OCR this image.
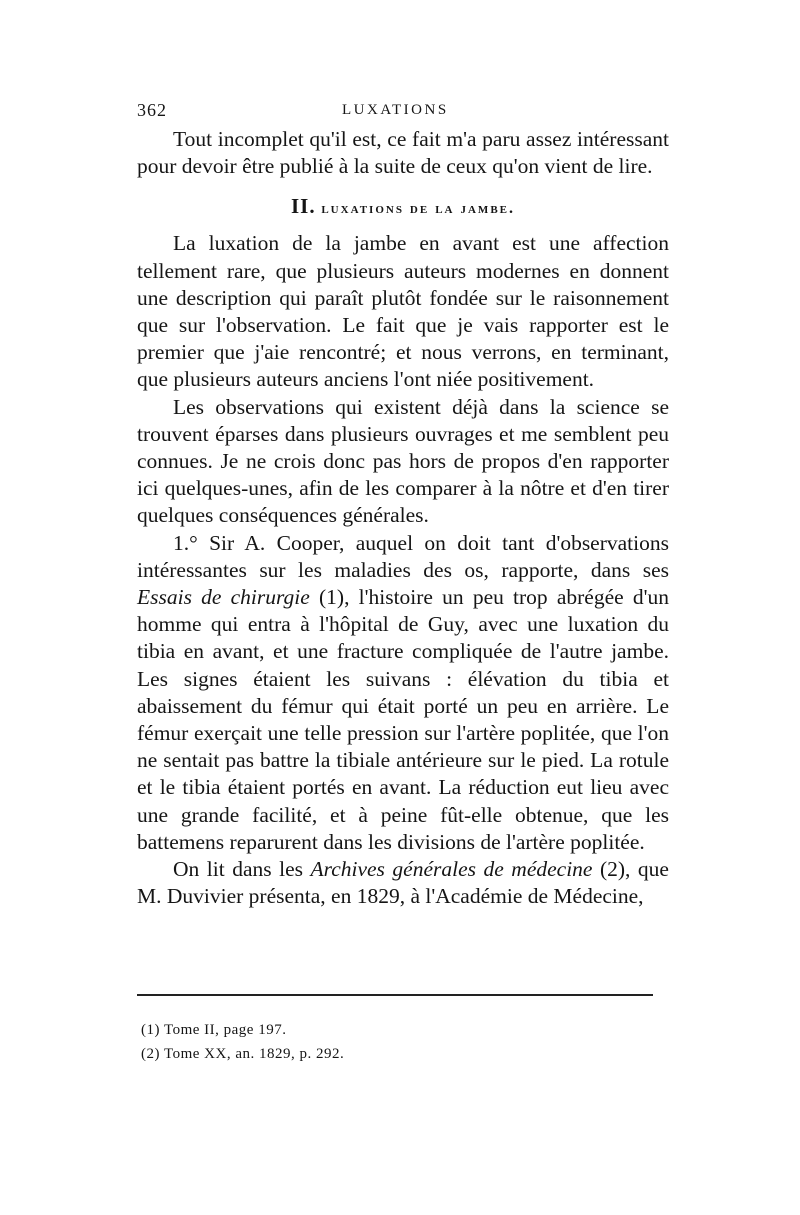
362	LUXATIONS

Tout incomplet qu'il est, ce fait m'a paru assez intéressant pour devoir être publié à la suite de ceux qu'on vient de lire.

II. luxations de la jambe.

La luxation de la jambe en avant est une affection tellement rare, que plusieurs auteurs modernes en donnent une description qui paraît plutôt fondée sur le raisonnement que sur l'observation. Le fait que je vais rapporter est le premier que j'aie rencontré; et nous verrons, en terminant, que plusieurs auteurs anciens l'ont niée positivement.

Les observations qui existent déjà dans la science se trouvent éparses dans plusieurs ouvrages et me semblent peu connues. Je ne crois donc pas hors de propos d'en rapporter ici quelques-unes, afin de les comparer à la nôtre et d'en tirer quelques conséquences générales.

1.° Sir A. Cooper, auquel on doit tant d'observations intéressantes sur les maladies des os, rapporte, dans ses Essais de chirurgie (1), l'histoire un peu trop abrégée d'un homme qui entra à l'hôpital de Guy, avec une luxation du tibia en avant, et une fracture compliquée de l'autre jambe. Les signes étaient les suivans : élévation du tibia et abaissement du fémur qui était porté un peu en arrière. Le fémur exerçait une telle pression sur l'artère poplitée, que l'on ne sentait pas battre la tibiale antérieure sur le pied. La rotule et le tibia étaient portés en avant. La réduction eut lieu avec une grande facilité, et à peine fût-elle obtenue, que les battemens reparurent dans les divisions de l'artère poplitée.

On lit dans les Archives générales de médecine (2), que M. Duvivier présenta, en 1829, à l'Académie de Médecine,

(1) Tome II, page 197.

(2) Tome XX, an. 1829, p. 292.
